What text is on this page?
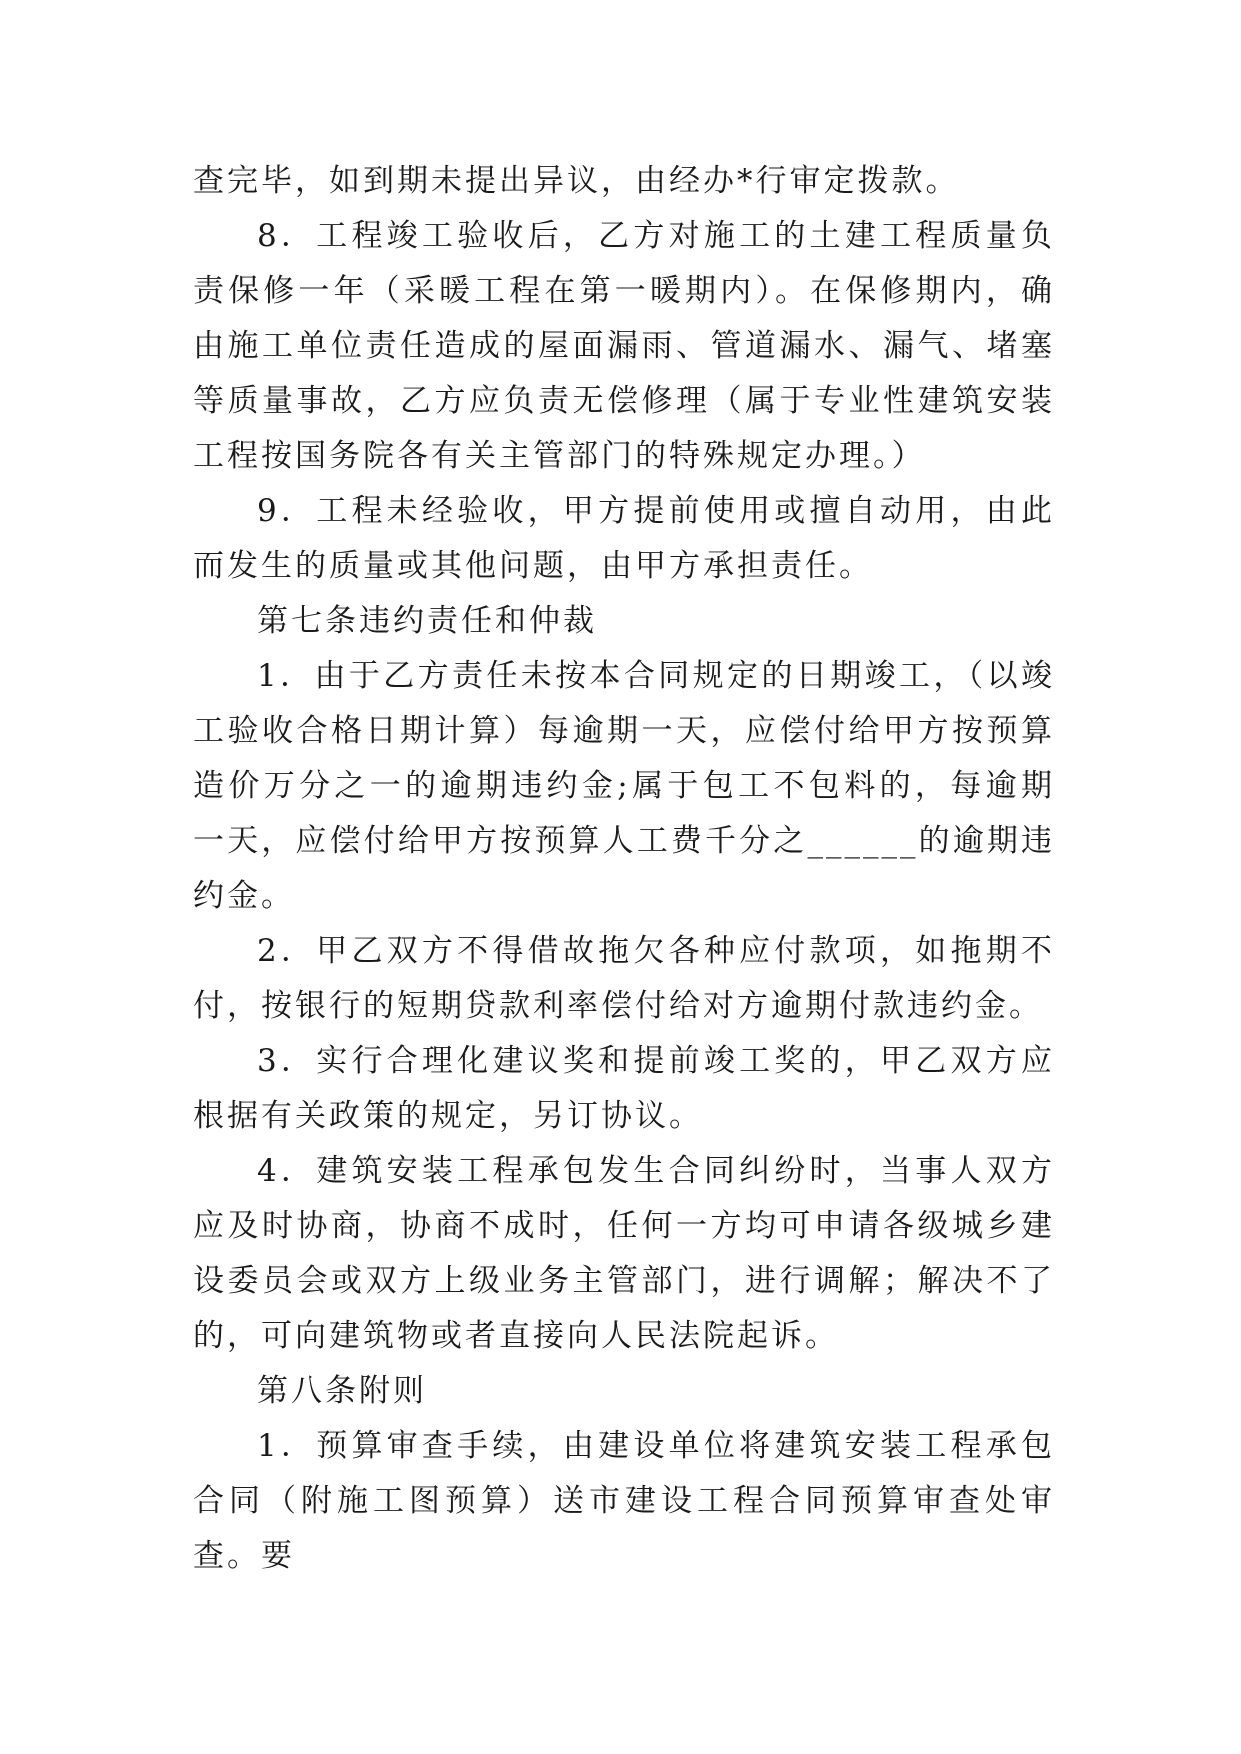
查完毕，如到期未提出异议，由经办*行审定拨款。

8．工程竣工验收后，乙方对施工的土建工程质量负责保修一年（采暖工程在第一暖期内）。在保修期内，确由施工单位责任造成的屋面漏雨、管道漏水、漏气、堵塞等质量事故，乙方应负责无偿修理（属于专业性建筑安装工程按国务院各有关主管部门的特殊规定办理。）

9．工程未经验收，甲方提前使用或擅自动用，由此而发生的质量或其他问题，由甲方承担责任。

第七条违约责任和仲裁

1．由于乙方责任未按本合同规定的日期竣工，（以竣工验收合格日期计算）每逾期一天，应偿付给甲方按预算造价万分之一的逾期违约金;属于包工不包料的，每逾期一天，应偿付给甲方按预算人工费千分之______的逾期违约金。

2．甲乙双方不得借故拖欠各种应付款项，如拖期不付，按银行的短期贷款利率偿付给对方逾期付款违约金。

3．实行合理化建议奖和提前竣工奖的，甲乙双方应根据有关政策的规定，另订协议。

4．建筑安装工程承包发生合同纠纷时，当事人双方应及时协商，协商不成时，任何一方均可申请各级城乡建设委员会或双方上级业务主管部门，进行调解；解决不了的，可向建筑物或者直接向人民法院起诉。

第八条附则

1．预算审查手续，由建设单位将建筑安装工程承包合同（附施工图预算）送市建设工程合同预算审查处审查。要
